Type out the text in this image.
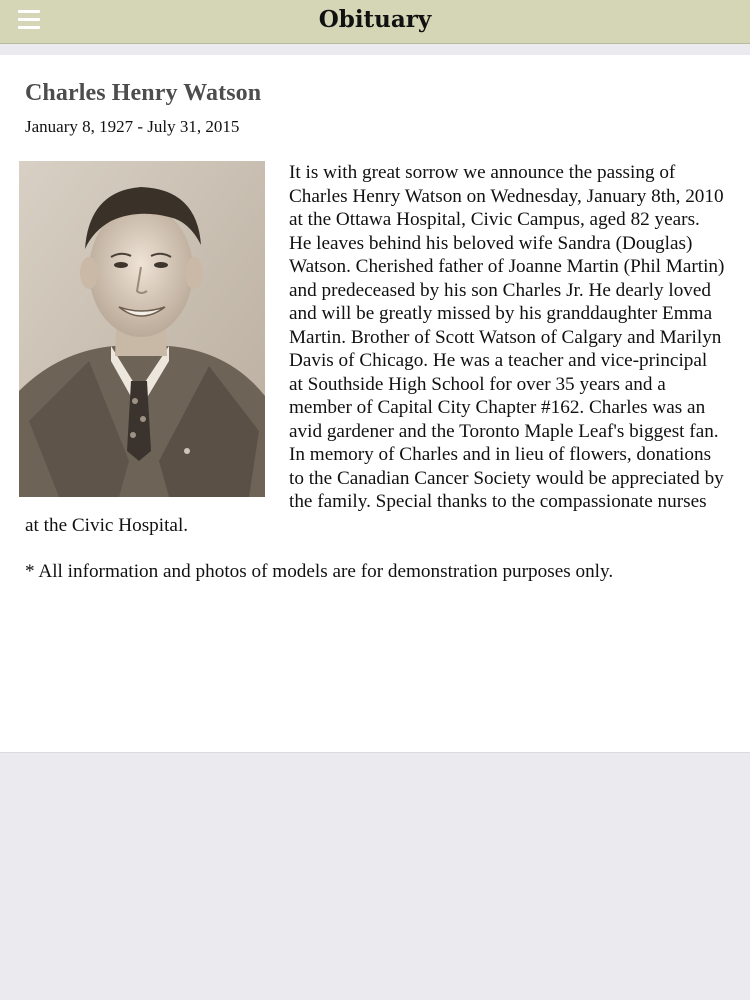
Obituary
Charles Henry Watson
January 8, 1927 - July 31, 2015

It is with great sorrow we announce the passing of Charles Henry Watson on Wednesday, January 8th, 2010 at the Ottawa Hospital, Civic Campus, aged 82 years. He leaves behind his beloved wife Sandra (Douglas) Watson. Cherished father of Joanne Martin (Phil Martin) and predeceased by his son Charles Jr. He dearly loved and will be greatly missed by his granddaughter Emma Martin. Brother of Scott Watson of Calgary and Marilyn Davis of Chicago. He was a teacher and vice-principal at Southside High School for over 35 years and a member of Capital City Chapter #162. Charles was an avid gardener and the Toronto Maple Leaf's biggest fan. In memory of Charles and in lieu of flowers, donations to the Canadian Cancer Society would be appreciated by the family. Special thanks to the compassionate nurses at the Civic Hospital.

* All information and photos of models are for demonstration purposes only.
